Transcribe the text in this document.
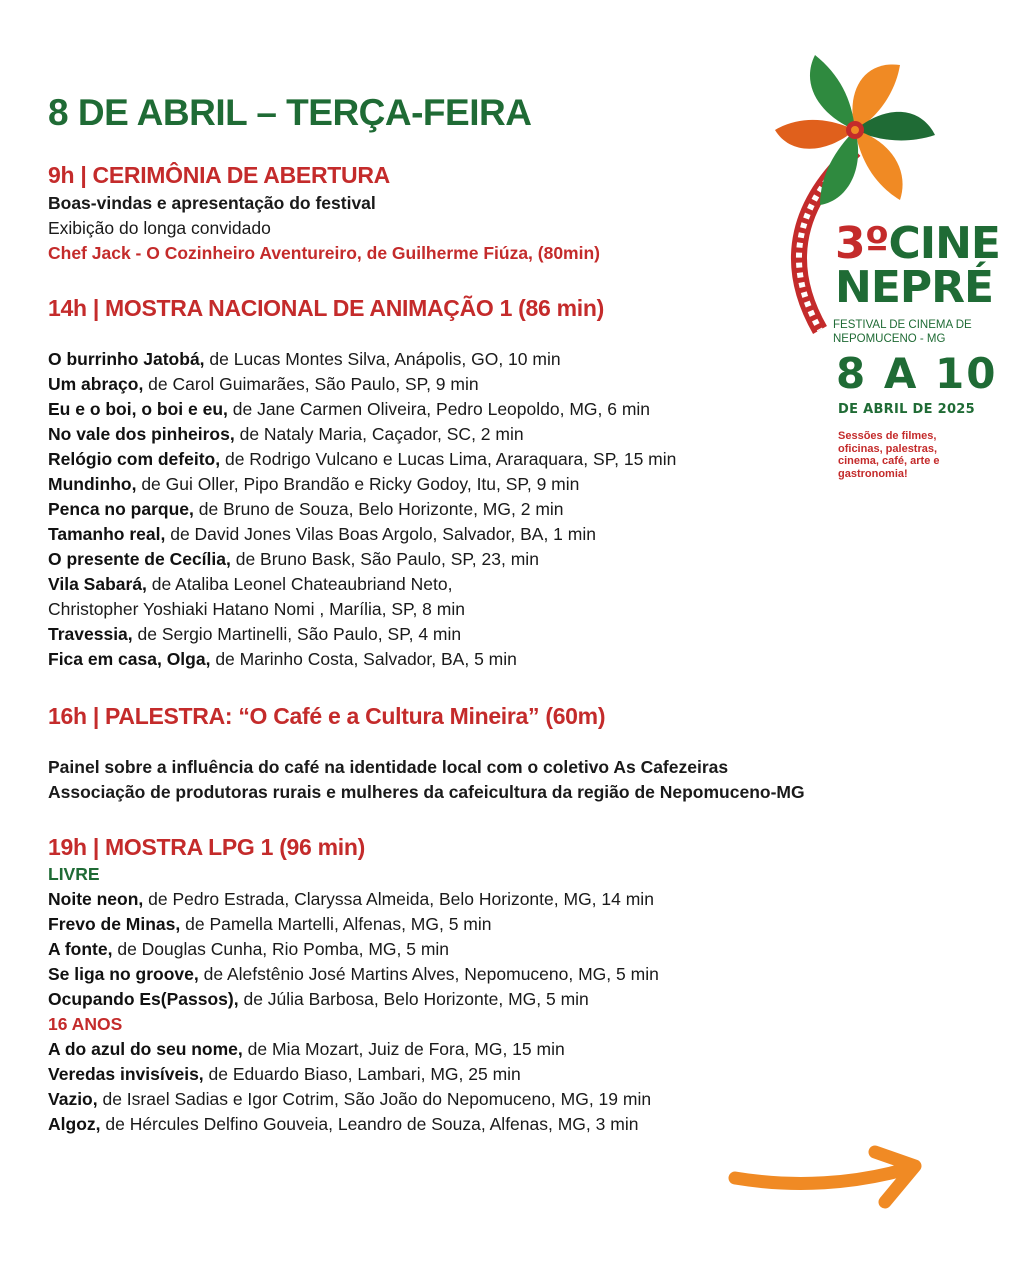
8 DE ABRIL – TERÇA-FEIRA
9h | CERIMÔNIA DE ABERTURA
Boas-vindas e apresentação do festival
Exibição do longa convidado
Chef Jack - O Cozinheiro Aventureiro, de Guilherme Fiúza, (80min)
14h | MOSTRA NACIONAL DE ANIMAÇÃO 1 (86 min)
O burrinho Jatobá, de Lucas Montes Silva, Anápolis, GO, 10 min
Um abraço, de Carol Guimarães, São Paulo, SP, 9 min
Eu e o boi, o boi e eu, de Jane Carmen Oliveira, Pedro Leopoldo, MG, 6 min
No vale dos pinheiros, de Nataly Maria, Caçador, SC, 2 min
Relógio com defeito, de Rodrigo Vulcano e Lucas Lima, Araraquara, SP, 15 min
Mundinho, de Gui Oller, Pipo Brandão e Ricky Godoy, Itu, SP, 9 min
Penca no parque, de Bruno de Souza, Belo Horizonte, MG, 2 min
Tamanho real, de David Jones Vilas Boas Argolo, Salvador, BA, 1 min
O presente de Cecília, de Bruno Bask, São Paulo, SP, 23, min
Vila Sabará, de Ataliba Leonel Chateaubriand Neto,
Christopher Yoshiaki Hatano Nomi , Marília, SP, 8 min
Travessia, de Sergio Martinelli, São Paulo, SP, 4 min
Fica em casa, Olga, de Marinho Costa, Salvador, BA, 5 min
16h | PALESTRA: “O Café e a Cultura Mineira” (60m)
Painel sobre a influência do café na identidade local com o coletivo As Cafezeiras
Associação de produtoras rurais e mulheres da cafeicultura da região de Nepomuceno-MG
19h | MOSTRA LPG 1 (96 min)
LIVRE
Noite neon, de Pedro Estrada, Claryssa Almeida, Belo Horizonte, MG, 14 min
Frevo de Minas, de Pamella Martelli, Alfenas, MG, 5 min
A fonte, de Douglas Cunha, Rio Pomba, MG, 5 min
Se liga no groove, de Alefstênio José Martins Alves, Nepomuceno, MG, 5 min
Ocupando Es(Passos), de Júlia Barbosa, Belo Horizonte, MG, 5 min
16 ANOS
A do azul do seu nome, de Mia Mozart, Juiz de Fora, MG, 15 min
Veredas invisíveis, de Eduardo Biaso, Lambari, MG, 25 min
Vazio, de Israel Sadias e Igor Cotrim, São João do Nepomuceno, MG, 19 min
Algoz, de Hércules Delfino Gouveia, Leandro de Souza, Alfenas, MG, 3 min
3ºCINE
NEPRÉ
FESTIVAL DE CINEMA DE NEPOMUCENO - MG
8 A 10
DE ABRIL DE 2025
Sessões de filmes, oficinas, palestras, cinema, café, arte e gastronomia!
